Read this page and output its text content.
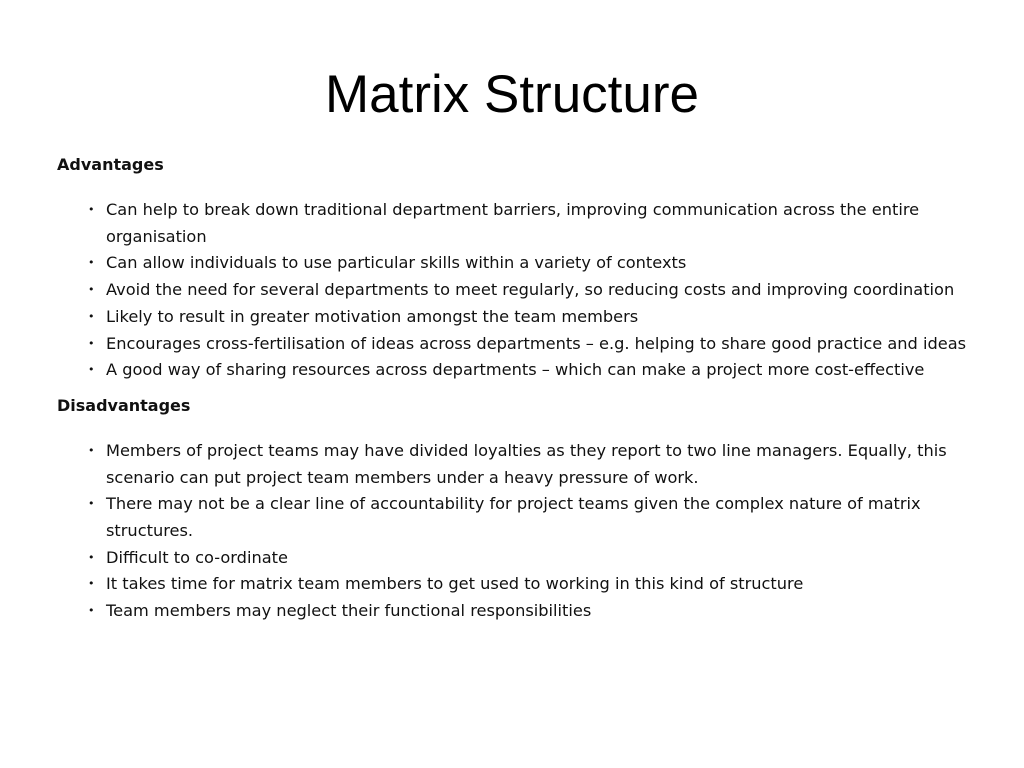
Matrix Structure
Advantages
• Can help to break down traditional department barriers, improving communication across the entire organisation
• Can allow individuals to use particular skills within a variety of contexts
• Avoid the need for several departments to meet regularly, so reducing costs and improving coordination
• Likely to result in greater motivation amongst the team members
• Encourages cross-fertilisation of ideas across departments – e.g. helping to share good practice and ideas
• A good way of sharing resources across departments – which can make a project more cost-effective
Disadvantages
• Members of project teams may have divided loyalties as they report to two line managers. Equally, this scenario can put project team members under a heavy pressure of work.
• There may not be a clear line of accountability for project teams given the complex nature of matrix structures.
• Difficult to co-ordinate
• It takes time for matrix team members to get used to working in this kind of structure
• Team members may neglect their functional responsibilities
